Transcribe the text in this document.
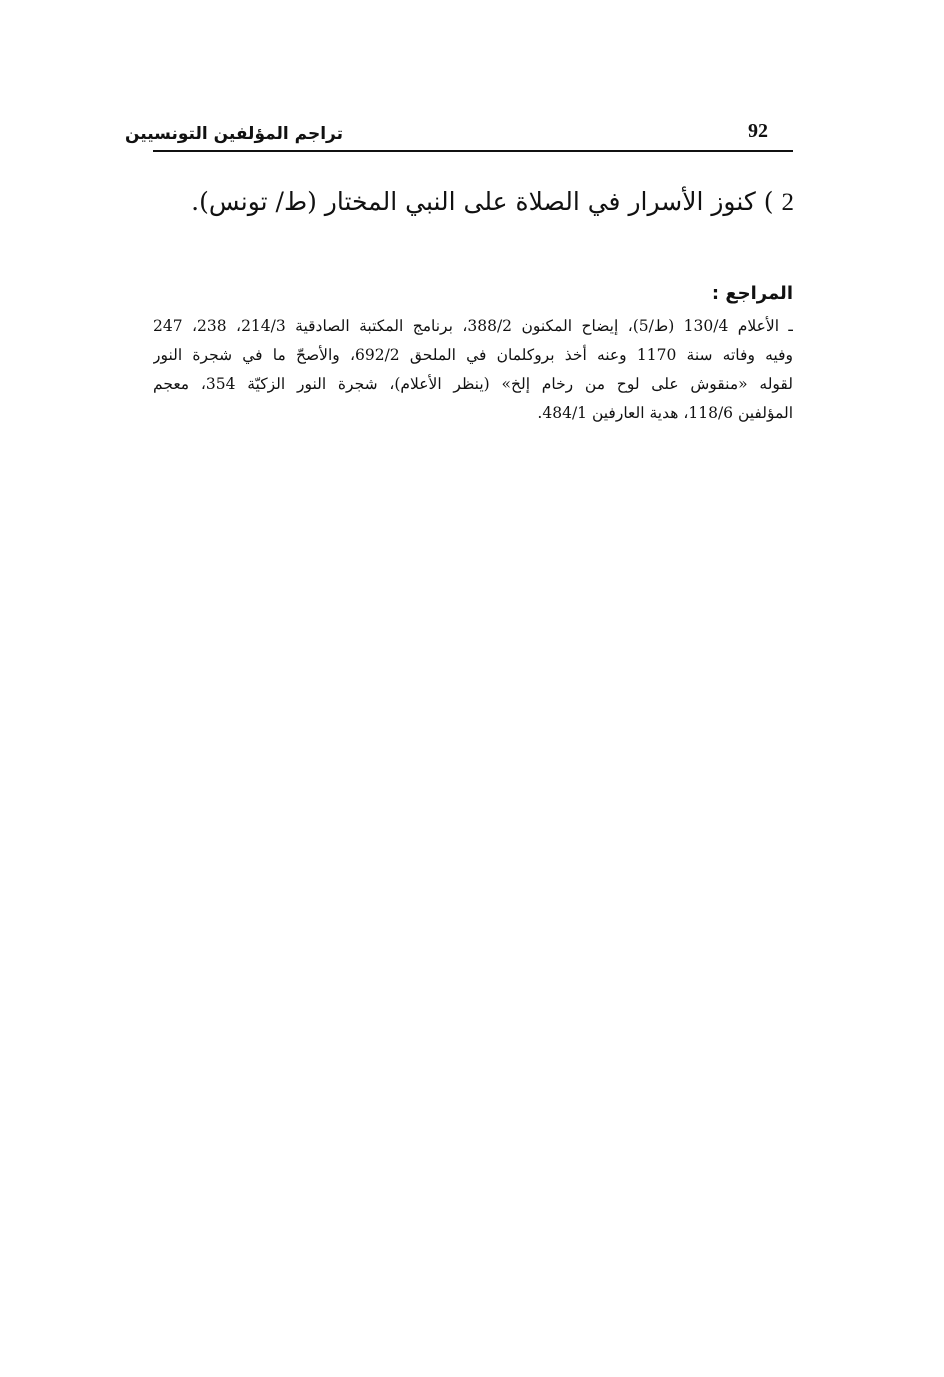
تراجم المؤلفين التونسيين	92
2) كنوز الأسرار في الصلاة على النبي المختار (ط/ تونس).
المراجع :
ـ الأعلام 130/4 (ط/5)، إيضاح المكنون 388/2، برنامج المكتبة الصادقية 214/3، 238، 247
وفيه وفاته سنة 1170 وعنه أخذ بروكلمان في الملحق 692/2، والأصحّ ما في شجرة النور
لقوله «منقوش على لوح من رخام إلخ» (ينظر الأعلام)، شجرة النور الزكيّة 354، معجم
المؤلفين 118/6، هدية العارفين 484/1.
